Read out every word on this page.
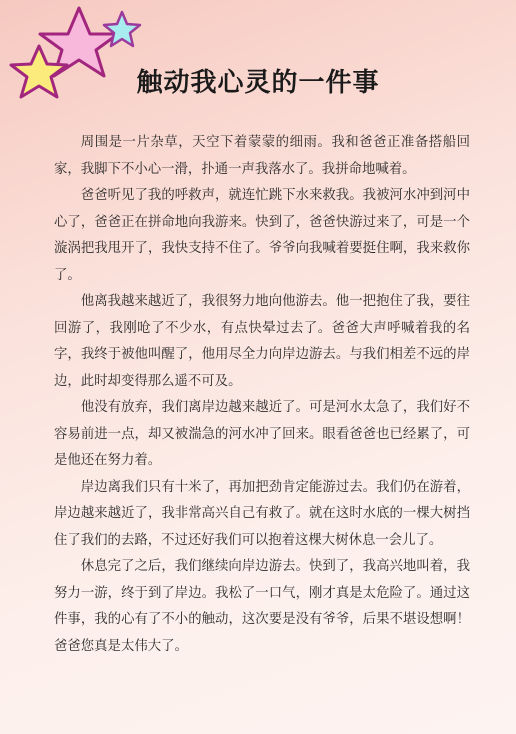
触动我心灵的一件事

周围是一片杂草，天空下着蒙蒙的细雨。我和爸爸正准备搭船回家，我脚下不小心一滑，扑通一声我落水了。我拼命地喊着。

爸爸听见了我的呼救声，就连忙跳下水来救我。我被河水冲到河中心了，爸爸正在拼命地向我游来。快到了，爸爸快游过来了，可是一个漩涡把我甩开了，我快支持不住了。爷爷向我喊着要挺住啊，我来救你了。

他离我越来越近了，我很努力地向他游去。他一把抱住了我，要往回游了，我刚呛了不少水，有点快晕过去了。爸爸大声呼喊着我的名字，我终于被他叫醒了，他用尽全力向岸边游去。与我们相差不远的岸边，此时却变得那么遥不可及。

他没有放弃，我们离岸边越来越近了。可是河水太急了，我们好不容易前进一点，却又被湍急的河水冲了回来。眼看爸爸也已经累了，可是他还在努力着。

岸边离我们只有十米了，再加把劲肯定能游过去。我们仍在游着，岸边越来越近了，我非常高兴自己有救了。就在这时水底的一棵大树挡住了我们的去路，不过还好我们可以抱着这棵大树休息一会儿了。

休息完了之后，我们继续向岸边游去。快到了，我高兴地叫着，我努力一游，终于到了岸边。我松了一口气，刚才真是太危险了。通过这件事，我的心有了不小的触动，这次要是没有爷爷，后果不堪设想啊！爸爸您真是太伟大了。
